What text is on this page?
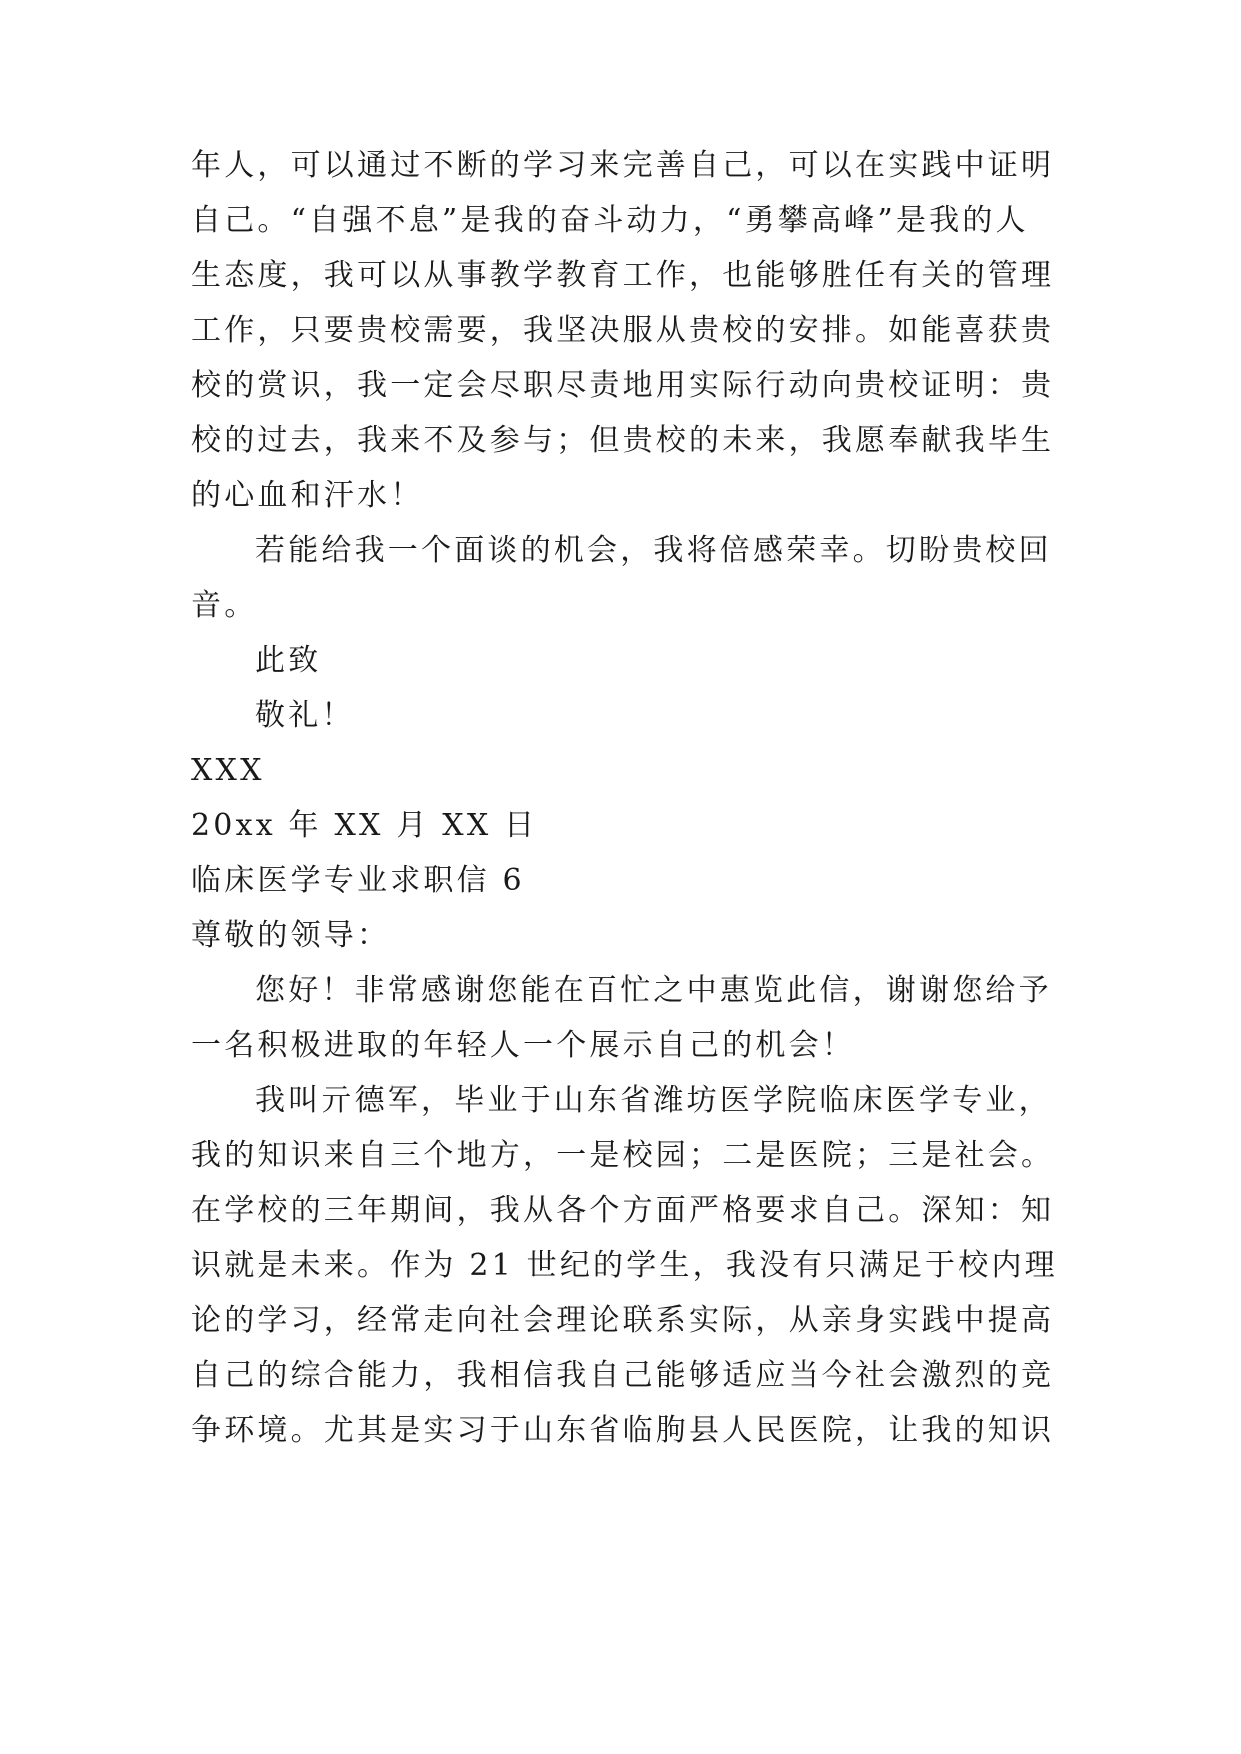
年人，可以通过不断的学习来完善自己，可以在实践中证明
自己。“自强不息”是我的奋斗动力，“勇攀高峰”是我的人
生态度，我可以从事教学教育工作，也能够胜任有关的管理
工作，只要贵校需要，我坚决服从贵校的安排。如能喜获贵
校的赏识，我一定会尽职尽责地用实际行动向贵校证明：贵
校的过去，我来不及参与；但贵校的未来，我愿奉献我毕生
的心血和汗水！
若能给我一个面谈的机会，我将倍感荣幸。切盼贵校回
音。
此致
敬礼！
XXX
20xx 年 XX 月 XX 日
临床医学专业求职信 6
尊敬的领导：
您好！非常感谢您能在百忙之中惠览此信，谢谢您给予
一名积极进取的年轻人一个展示自己的机会！
我叫亓德军，毕业于山东省潍坊医学院临床医学专业，
我的知识来自三个地方，一是校园；二是医院；三是社会。
在学校的三年期间，我从各个方面严格要求自己。深知：知
识就是未来。作为 21 世纪的学生，我没有只满足于校内理
论的学习，经常走向社会理论联系实际，从亲身实践中提高
自己的综合能力，我相信我自己能够适应当今社会激烈的竞
争环境。尤其是实习于山东省临朐县人民医院，让我的知识
